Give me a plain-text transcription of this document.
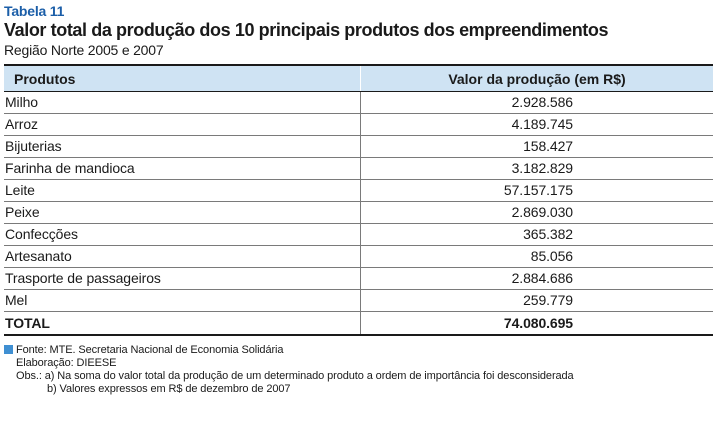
Tabela 11
Valor total da produção dos 10 principais produtos dos empreendimentos
Região Norte 2005 e 2007
Produtos	Valor da produção (em R$)
Milho	2.928.586
Arroz	4.189.745
Bijuterias	158.427
Farinha de mandioca	3.182.829
Leite	57.157.175
Peixe	2.869.030
Confecções	365.382
Artesanato	85.056
Trasporte de passageiros	2.884.686
Mel	259.779
TOTAL	74.080.695
Fonte: MTE. Secretaria Nacional de Economia Solidária
Elaboração: DIEESE
Obs.: a) Na soma do valor total da produção de um determinado produto a ordem de importância foi desconsiderada
b) Valores expressos em R$ de dezembro de 2007
